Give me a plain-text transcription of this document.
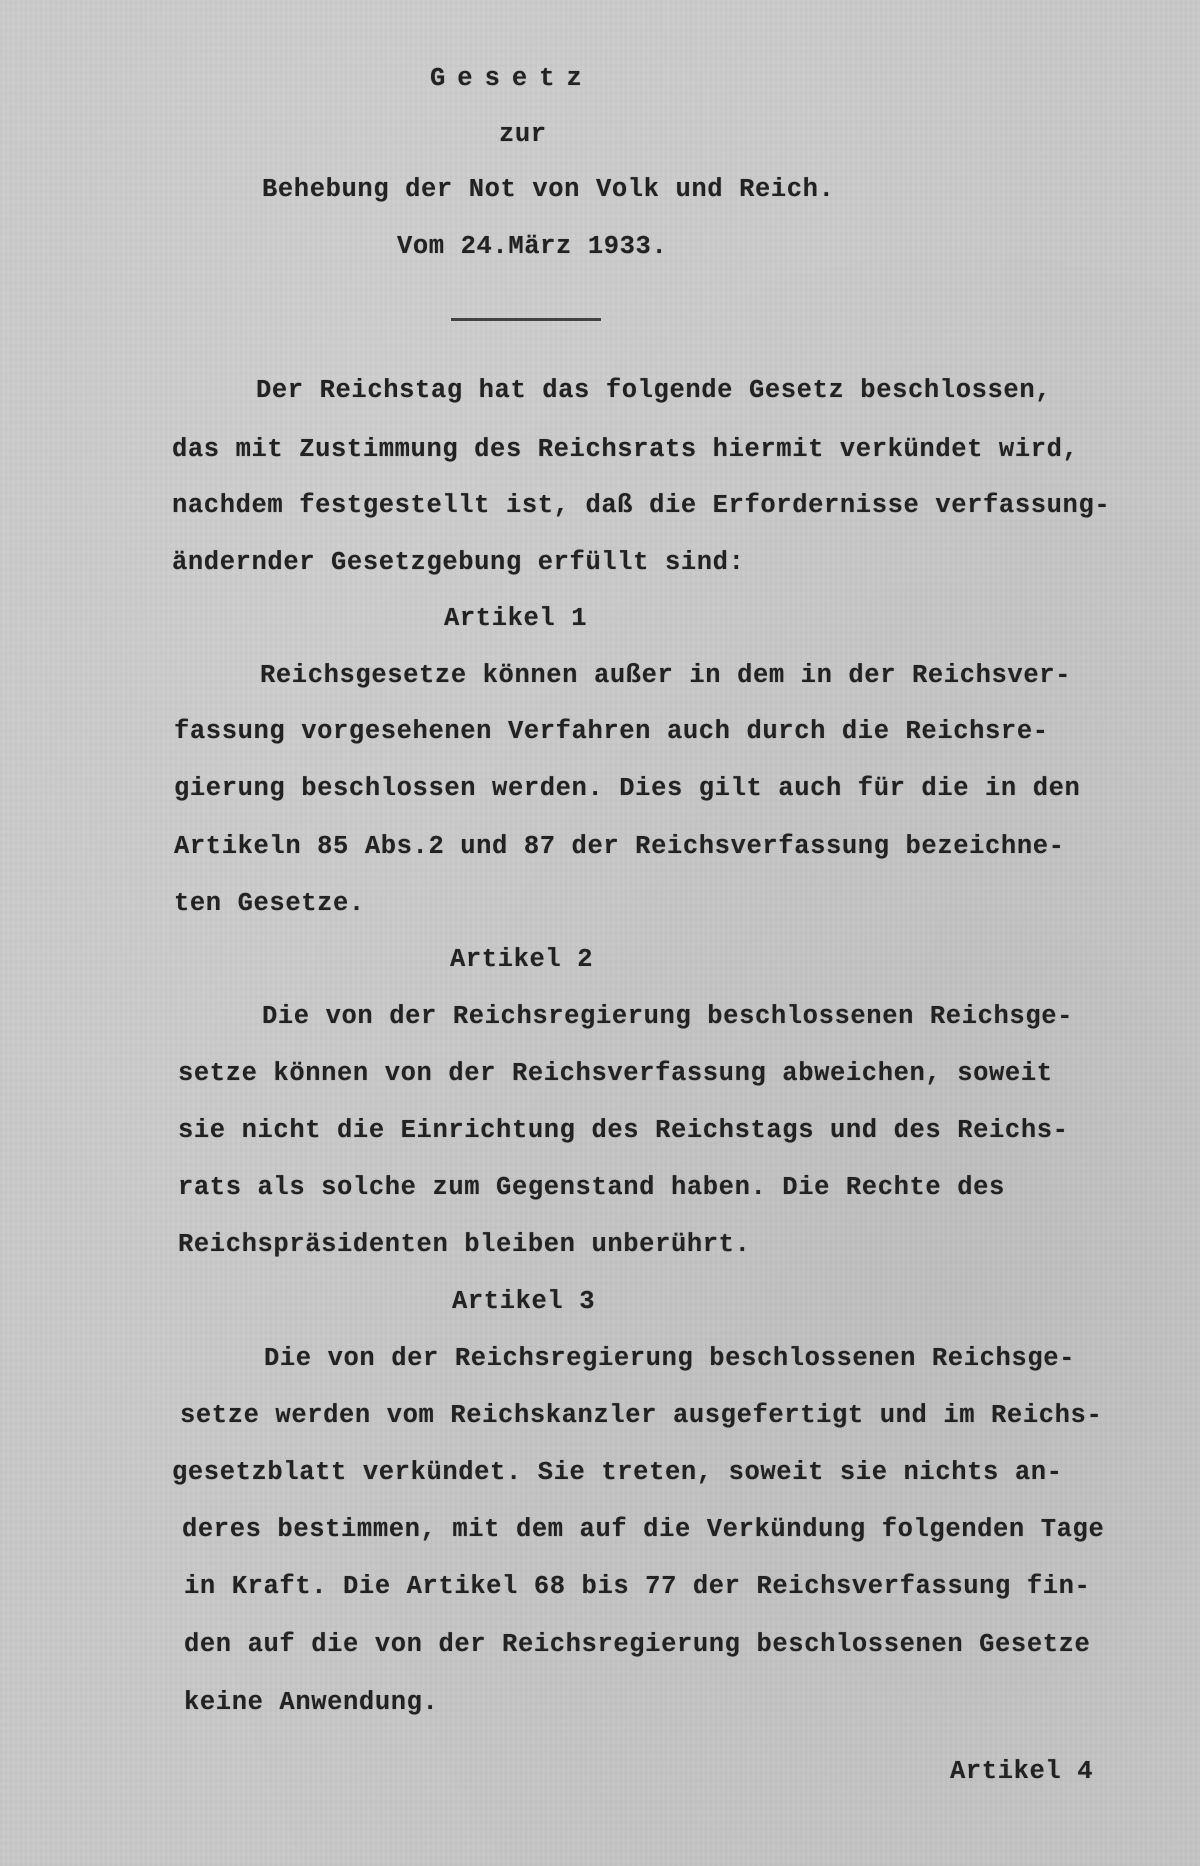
Gesetz
zur
Behebung der Not von Volk und Reich.
Vom 24.März 1933.
Der Reichstag hat das folgende Gesetz beschlossen,
das mit Zustimmung des Reichsrats hiermit verkündet wird,
nachdem festgestellt ist, daß die Erfordernisse verfassung-
ändernder Gesetzgebung erfüllt sind:
Artikel 1
Reichsgesetze können außer in dem in der Reichsver-
fassung vorgesehenen Verfahren auch durch die Reichsre-
gierung beschlossen werden. Dies gilt auch für die in den
Artikeln 85 Abs.2 und 87 der Reichsverfassung bezeichne-
ten Gesetze.
Artikel 2
Die von der Reichsregierung beschlossenen Reichsge-
setze können von der Reichsverfassung abweichen, soweit
sie nicht die Einrichtung des Reichstags und des Reichs-
rats als solche zum Gegenstand haben. Die Rechte des
Reichspräsidenten bleiben unberührt.
Artikel 3
Die von der Reichsregierung beschlossenen Reichsge-
setze werden vom Reichskanzler ausgefertigt und im Reichs-
gesetzblatt verkündet. Sie treten, soweit sie nichts an-
deres bestimmen, mit dem auf die Verkündung folgenden Tage
in Kraft. Die Artikel 68 bis 77 der Reichsverfassung fin-
den auf die von der Reichsregierung beschlossenen Gesetze
keine Anwendung.
Artikel 4
